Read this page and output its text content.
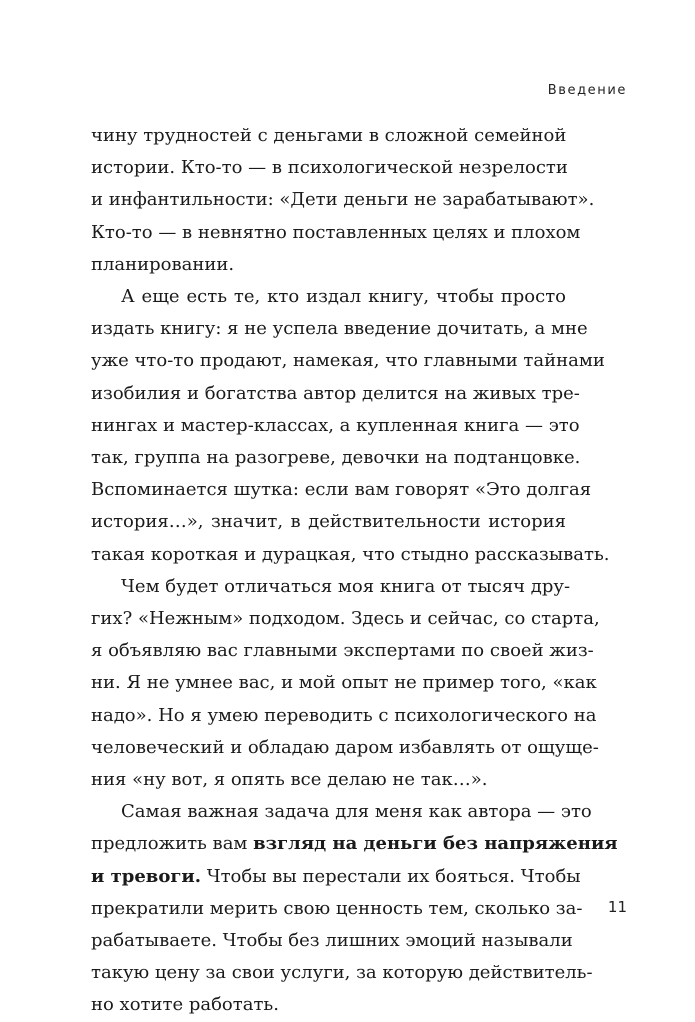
Введение
чину трудностей с деньгами в сложной семейной
истории. Кто-то — в психологической незрелости
и инфантильности: «Дети деньги не зарабатывают».
Кто-то — в невнятно поставленных целях и плохом
планировании.
А еще есть те, кто издал книгу, чтобы просто
издать книгу: я не успела введение дочитать, а мне
уже что-то продают, намекая, что главными тайнами
изобилия и богатства автор делится на живых тре-
нингах и мастер-классах, а купленная книга — это
так, группа на разогреве, девочки на подтанцовке.
Вспоминается шутка: если вам говорят «Это долгая
история…», значит, в действительности история
такая короткая и дурацкая, что стыдно рассказывать.
Чем будет отличаться моя книга от тысяч дру-
гих? «Нежным» подходом. Здесь и сейчас, со старта,
я объявляю вас главными экспертами по своей жиз-
ни. Я не умнее вас, и мой опыт не пример того, «как
надо». Но я умею переводить с психологического на
человеческий и обладаю даром избавлять от ощуще-
ния «ну вот, я опять все делаю не так…».
Самая важная задача для меня как автора — это
предложить вам взгляд на деньги без напряжения
и тревоги. Чтобы вы перестали их бояться. Чтобы
прекратили мерить свою ценность тем, сколько за-
рабатываете. Чтобы без лишних эмоций называли
такую цену за свои услуги, за которую действитель-
но хотите работать.
11
